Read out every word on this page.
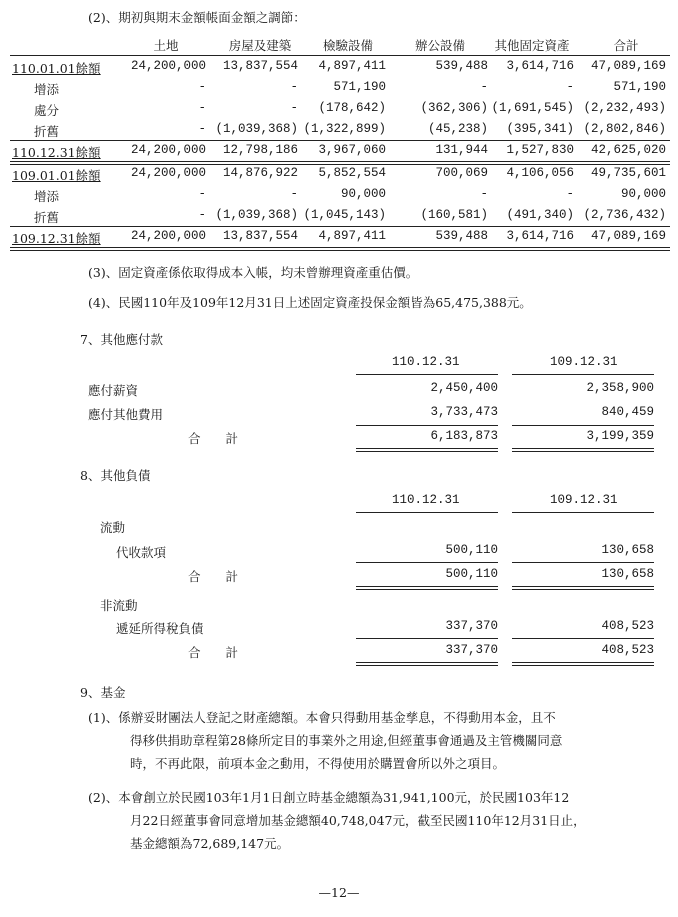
(2)、期初與期末金額帳面金額之調節：
土地	房屋及建築	檢驗設備	辦公設備	其他固定資產	合計
110.01.01餘額	24,200,000	13,837,554	4,897,411	539,488	3,614,716	47,089,169
增添	-	-	571,190	-	-	571,190
處分	-	-	(178,642)	(362,306) (1,691,545) (2,232,493)
折舊	- (1,039,368) (1,322,899)	(45,238)	(395,341) (2,802,846)
110.12.31餘額	24,200,000	12,798,186	3,967,060	131,944	1,527,830	42,625,020
109.01.01餘額	24,200,000	14,876,922	5,852,554	700,069	4,106,056	49,735,601
增添	-	-	90,000	-	-	90,000
折舊	- (1,039,368) (1,045,143)	(160,581)	(491,340) (2,736,432)
109.12.31餘額	24,200,000	13,837,554	4,897,411	539,488	3,614,716	47,089,169
(3)、固定資產係依取得成本入帳，均未曾辦理資產重估價。
(4)、民國110年及109年12月31日上述固定資產投保金額皆為65,475,388元。
7、其他應付款
110.12.31	109.12.31
應付薪資	2,450,400	2,358,900
應付其他費用	3,733,473	840,459
合　　計	6,183,873	3,199,359
8、其他負債
110.12.31	109.12.31
流動
代收款項	500,110	130,658
合　　計	500,110	130,658
非流動
遞延所得稅負債	337,370	408,523
合　　計	337,370	408,523
9、基金
(1)、係辦妥財團法人登記之財產總額。本會只得動用基金孳息，不得動用本金，且不
得移供捐助章程第28條所定目的事業外之用途,但經董事會通過及主管機關同意
時，不再此限，前項本金之動用，不得使用於購置會所以外之項目。
(2)、本會創立於民國103年1月1日創立時基金總額為31,941,100元，於民國103年12
月22日經董事會同意增加基金總額40,748,047元，截至民國110年12月31日止，
基金總額為72,689,147元。
—12—
